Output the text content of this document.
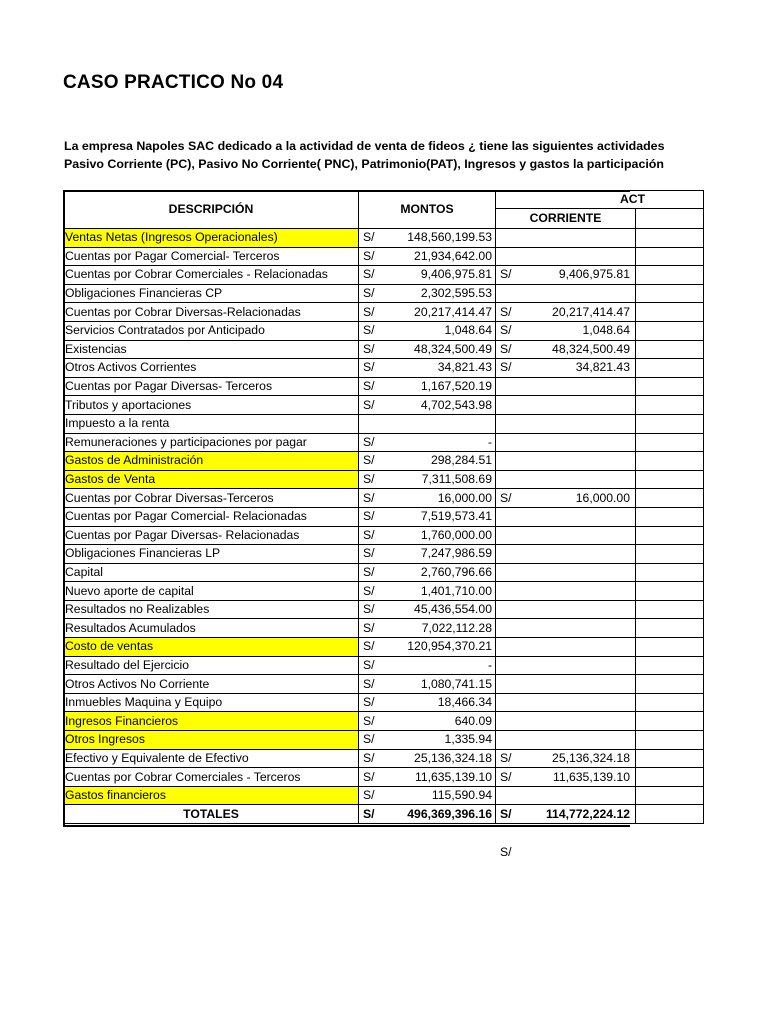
CASO PRACTICO No 04
La empresa Napoles SAC dedicado a la actividad de venta de fideos ¿ tiene las siguientes actividades
Pasivo Corriente (PC), Pasivo No Corriente( PNC), Patrimonio(PAT), Ingresos y gastos la participación
DESCRIPCIÓN	MONTOS		ACT		
			CORRIENTE		
Ventas Netas (Ingresos Operacionales)	S/	148,560,199.53			
Cuentas por Pagar Comercial- Terceros	S/	21,934,642.00			
Cuentas por Cobrar Comerciales - Relacionadas	S/	9,406,975.81	S/	9,406,975.81	
Obligaciones Financieras CP	S/	2,302,595.53			
Cuentas por Cobrar Diversas-Relacionadas	S/	20,217,414.47	S/	20,217,414.47	
Servicios Contratados por Anticipado	S/	1,048.64	S/	1,048.64	
Existencias	S/	48,324,500.49	S/	48,324,500.49	
Otros Activos Corrientes	S/	34,821.43	S/	34,821.43	
Cuentas por Pagar Diversas- Terceros	S/	1,167,520.19			
Tributos y aportaciones	S/	4,702,543.98			
Impuesto a la renta					
Remuneraciones y participaciones por pagar	S/	-			
Gastos de Administración	S/	298,284.51			
Gastos de Venta	S/	7,311,508.69			
Cuentas por Cobrar Diversas-Terceros	S/	16,000.00	S/	16,000.00	
Cuentas por Pagar Comercial- Relacionadas	S/	7,519,573.41			
Cuentas por Pagar Diversas- Relacionadas	S/	1,760,000.00			
Obligaciones Financieras LP	S/	7,247,986.59			
Capital	S/	2,760,796.66			
Nuevo aporte de capital	S/	1,401,710.00			
Resultados no Realizables	S/	45,436,554.00			
Resultados Acumulados	S/	7,022,112.28			
Costo de ventas	S/	120,954,370.21			
Resultado del Ejercicio	S/	-			
Otros Activos No Corriente	S/	1,080,741.15			
Inmuebles Maquina y Equipo	S/	18,466.34			
Ingresos Financieros	S/	640.09			
Otros Ingresos	S/	1,335.94			
Efectivo y Equivalente de Efectivo	S/	25,136,324.18	S/	25,136,324.18	
Cuentas por Cobrar Comerciales - Terceros	S/	11,635,139.10	S/	11,635,139.10	
Gastos financieros	S/	115,590.94			
TOTALES	S/	496,369,396.16	S/	114,772,224.12	
S/
